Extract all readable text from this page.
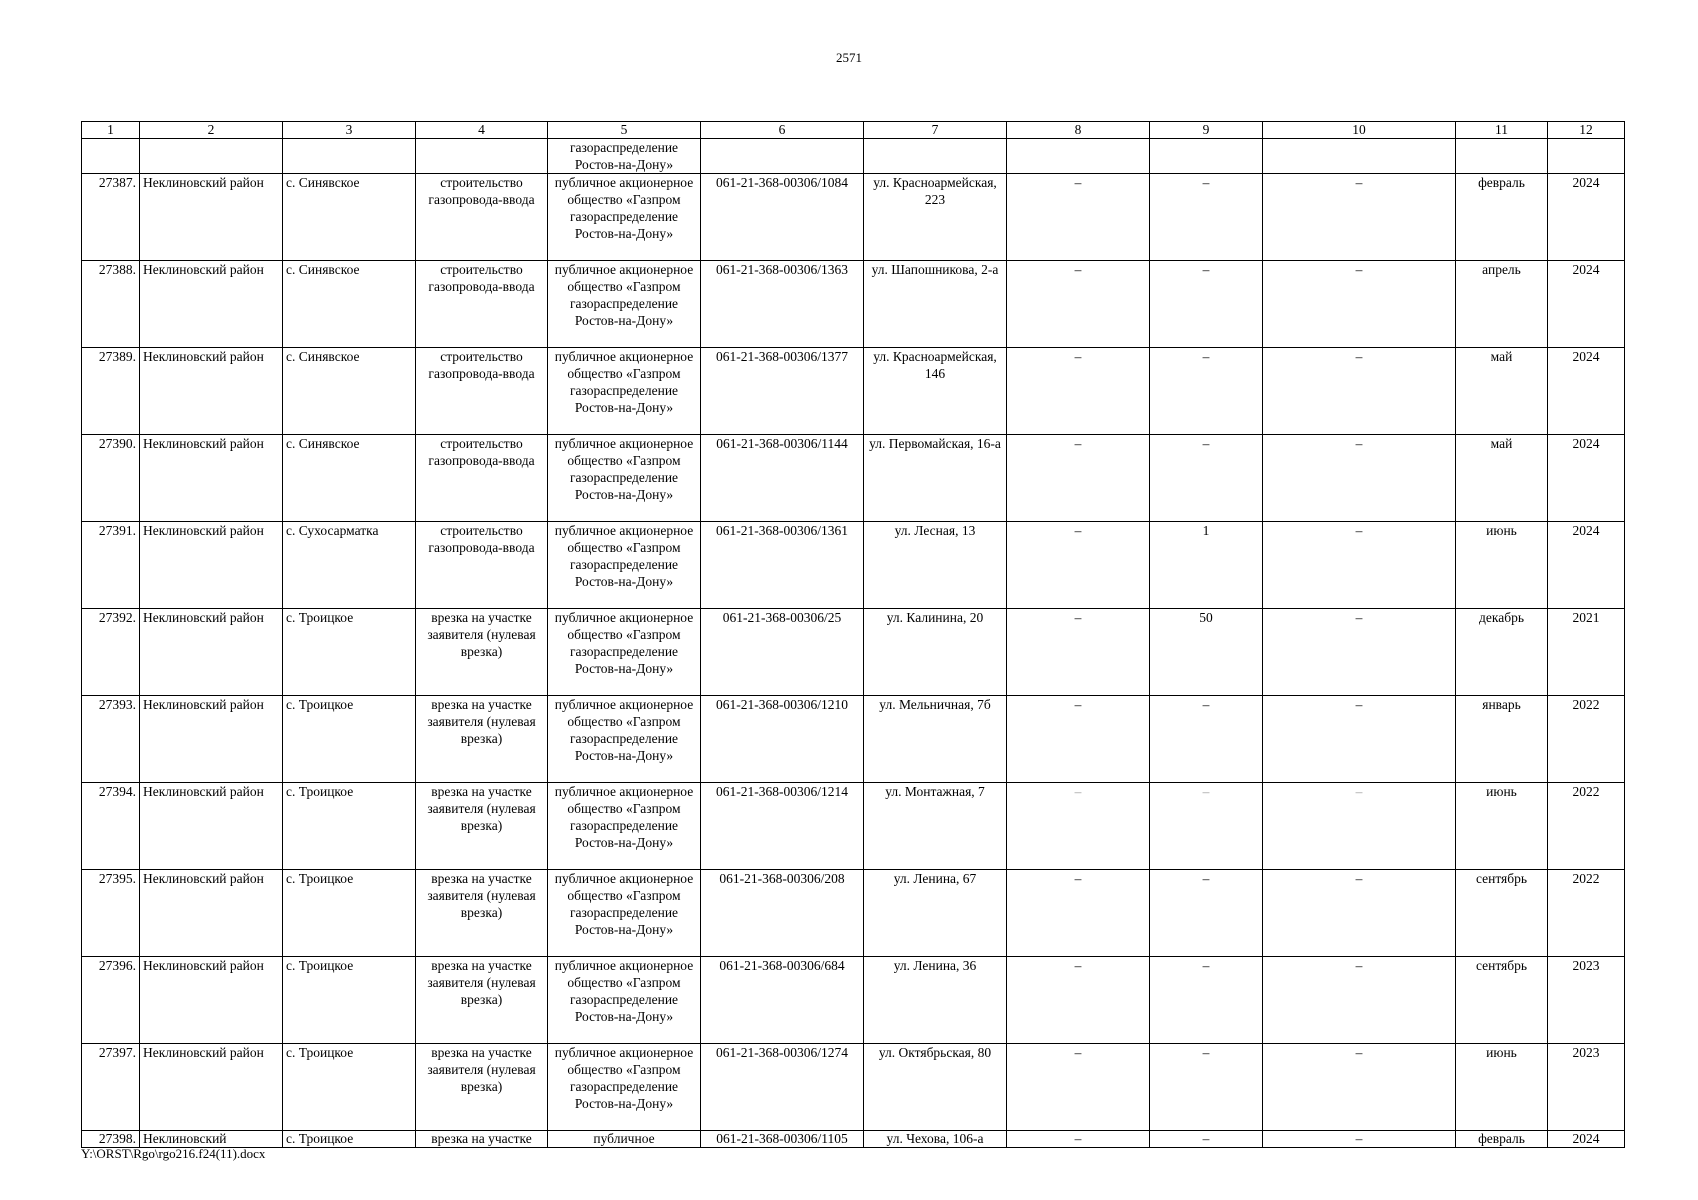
2571
1	2	3	4	5	6	7	8	9	10	11	12
				газораспределение Ростов-на-Дону»							
27387.	Неклиновский район	с. Синявское	строительство газопровода-ввода	публичное акционерное общество «Газпром газораспределение Ростов-на-Дону»	061-21-368-00306/1084	ул. Красноармейская, 223	–	–	–	февраль	2024
27388.	Неклиновский район	с. Синявское	строительство газопровода-ввода	публичное акционерное общество «Газпром газораспределение Ростов-на-Дону»	061-21-368-00306/1363	ул. Шапошникова, 2-а	–	–	–	апрель	2024
27389.	Неклиновский район	с. Синявское	строительство газопровода-ввода	публичное акционерное общество «Газпром газораспределение Ростов-на-Дону»	061-21-368-00306/1377	ул. Красноармейская, 146	–	–	–	май	2024
27390.	Неклиновский район	с. Синявское	строительство газопровода-ввода	публичное акционерное общество «Газпром газораспределение Ростов-на-Дону»	061-21-368-00306/1144	ул. Первомайская, 16-а	–	–	–	май	2024
27391.	Неклиновский район	с. Сухосарматка	строительство газопровода-ввода	публичное акционерное общество «Газпром газораспределение Ростов-на-Дону»	061-21-368-00306/1361	ул. Лесная, 13	–	1	–	июнь	2024
27392.	Неклиновский район	с. Троицкое	врезка на участке заявителя (нулевая врезка)	публичное акционерное общество «Газпром газораспределение Ростов-на-Дону»	061-21-368-00306/25	ул. Калинина, 20	–	50	–	декабрь	2021
27393.	Неклиновский район	с. Троицкое	врезка на участке заявителя (нулевая врезка)	публичное акционерное общество «Газпром газораспределение Ростов-на-Дону»	061-21-368-00306/1210	ул. Мельничная, 7б	–	–	–	январь	2022
27394.	Неклиновский район	с. Троицкое	врезка на участке заявителя (нулевая врезка)	публичное акционерное общество «Газпром газораспределение Ростов-на-Дону»	061-21-368-00306/1214	ул. Монтажная, 7	–	–	–	июнь	2022
27395.	Неклиновский район	с. Троицкое	врезка на участке заявителя (нулевая врезка)	публичное акционерное общество «Газпром газораспределение Ростов-на-Дону»	061-21-368-00306/208	ул. Ленина, 67	–	–	–	сентябрь	2022
27396.	Неклиновский район	с. Троицкое	врезка на участке заявителя (нулевая врезка)	публичное акционерное общество «Газпром газораспределение Ростов-на-Дону»	061-21-368-00306/684	ул. Ленина, 36	–	–	–	сентябрь	2023
27397.	Неклиновский район	с. Троицкое	врезка на участке заявителя (нулевая врезка)	публичное акционерное общество «Газпром газораспределение Ростов-на-Дону»	061-21-368-00306/1274	ул. Октябрьская, 80	–	–	–	июнь	2023
27398.	Неклиновский	с. Троицкое	врезка на участке	публичное	061-21-368-00306/1105	ул. Чехова, 106-а	–	–	–	февраль	2024
Y:\ORST\Rgo\rgo216.f24(11).docx
